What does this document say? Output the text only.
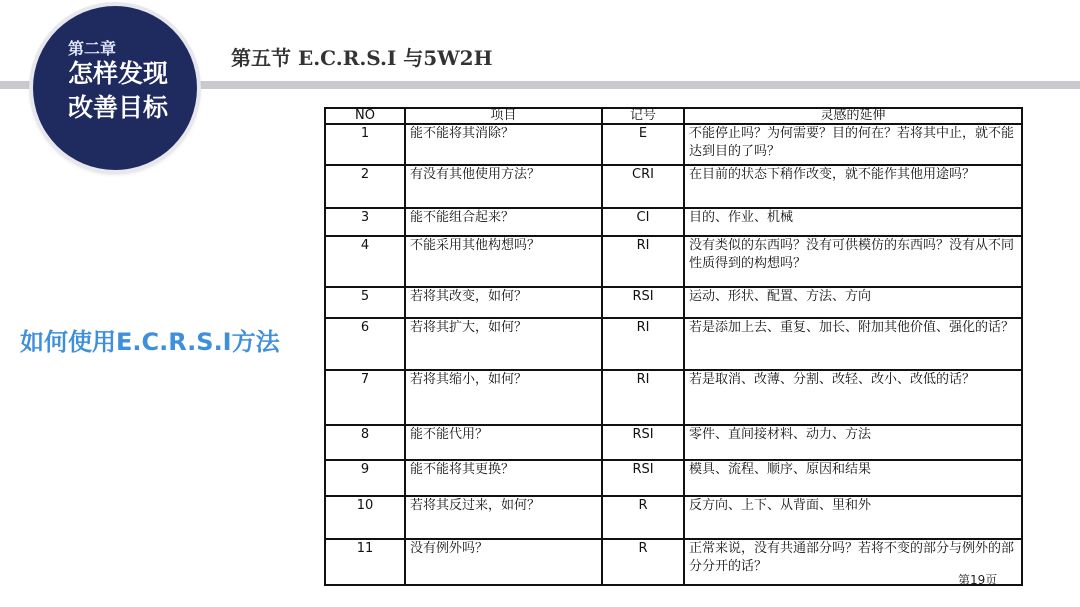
第二章
怎样发现
改善目标
第五节 E.C.R.S.I 与5W2H
如何使用E.C.R.S.I方法
NO	项目	记号	灵感的延伸
1	能不能将其消除？	E	不能停止吗？为何需要？目的何在？若将其中止，就不能达到目的了吗？
2	有没有其他使用方法？	CRI	在目前的状态下稍作改变，就不能作其他用途吗？
3	能不能组合起来？	CI	目的、作业、机械
4	不能采用其他构想吗？	RI	没有类似的东西吗？没有可供模仿的东西吗？没有从不同性质得到的构想吗？
5	若将其改变，如何？	RSI	运动、形状、配置、方法、方向
6	若将其扩大，如何？	RI	若是添加上去、重复、加长、附加其他价值、强化的话？
7	若将其缩小，如何？	RI	若是取消、改薄、分割、改轻、改小、改低的话？
8	能不能代用？	RSI	零件、直间接材料、动力、方法
9	能不能将其更换？	RSI	模具、流程、顺序、原因和结果
10	若将其反过来，如何？	R	反方向、上下、从背面、里和外
11	没有例外吗？	R	正常来说，没有共通部分吗？若将不变的部分与例外的部分分开的话？
第19页
